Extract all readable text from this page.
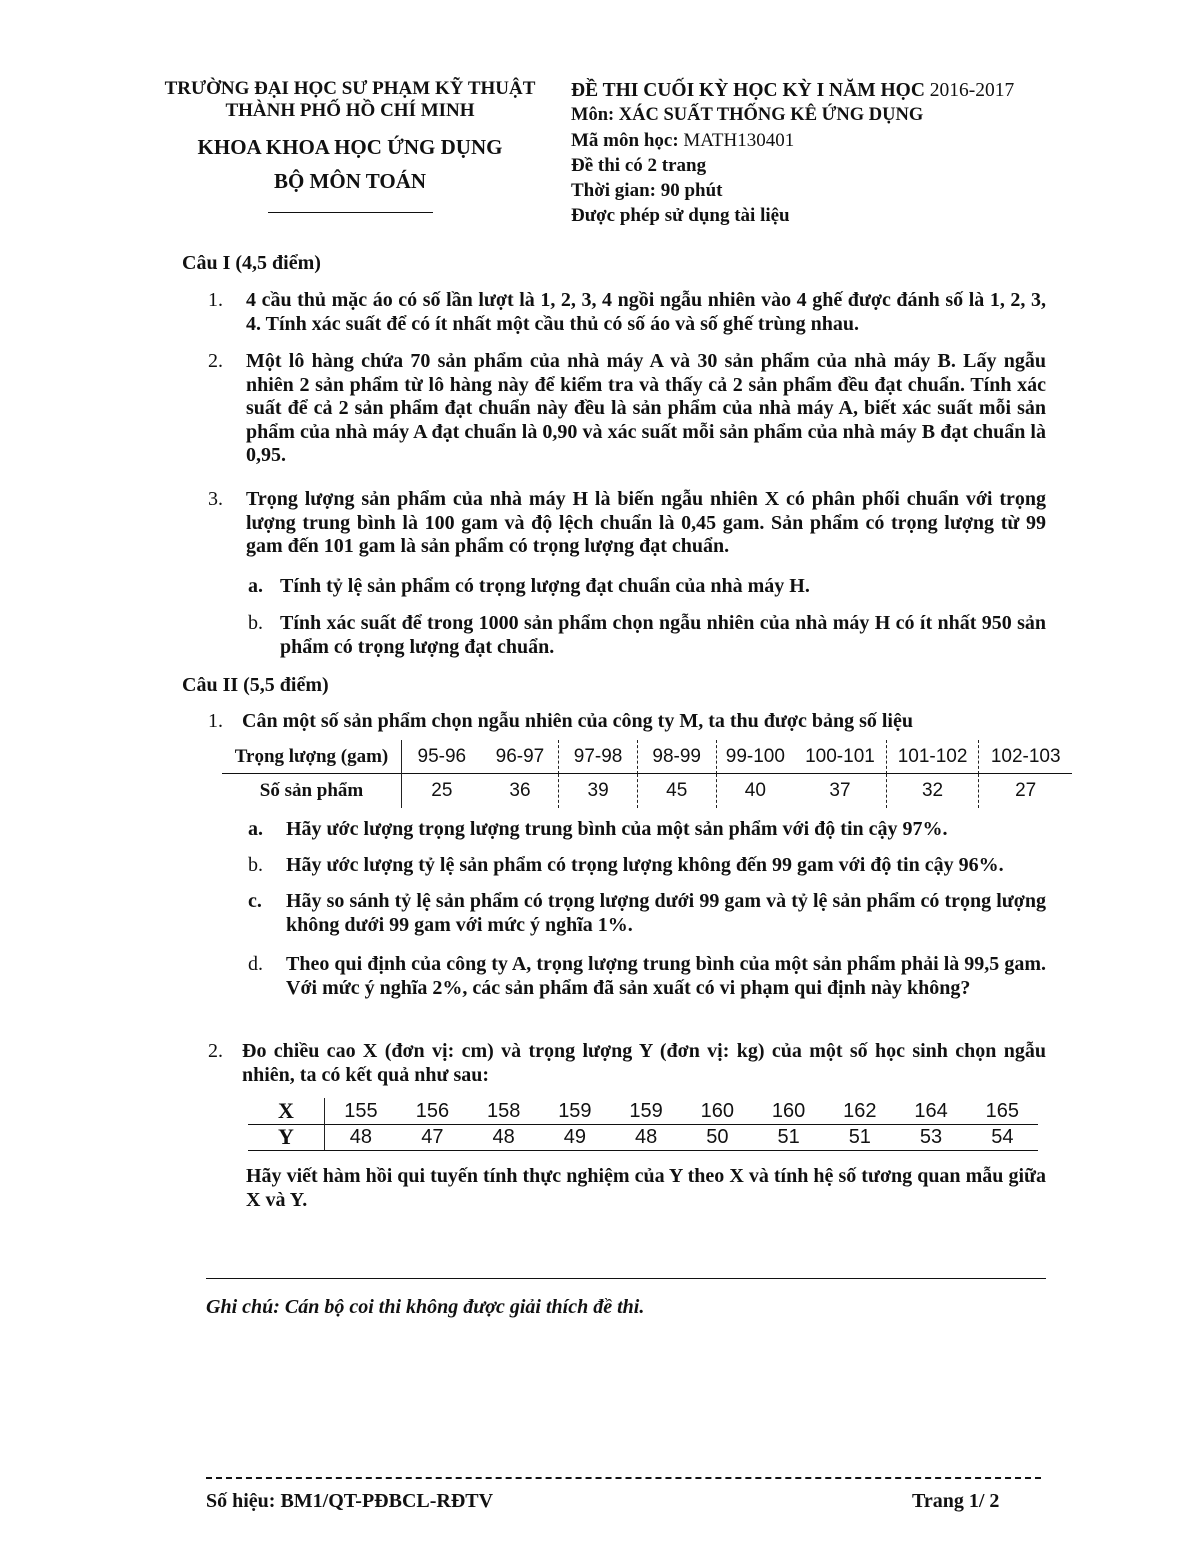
TRƯỜNG ĐẠI HỌC SƯ PHẠM KỸ THUẬT
THÀNH PHỐ HỒ CHÍ MINH
KHOA KHOA HỌC ỨNG DỤNG
BỘ MÔN TOÁN
ĐỀ THI CUỐI KỲ HỌC KỲ I NĂM HỌC 2016-2017
Môn: XÁC SUẤT THỐNG KÊ ỨNG DỤNG
Mã môn học: MATH130401
Đề thi có 2 trang
Thời gian: 90 phút
Được phép sử dụng tài liệu
Câu I (4,5 điểm)
1. 4 cầu thủ mặc áo có số lần lượt là 1, 2, 3, 4 ngồi ngẫu nhiên vào 4 ghế được đánh số là 1, 2, 3, 4. Tính xác suất để có ít nhất một cầu thủ có số áo và số ghế trùng nhau.
2. Một lô hàng chứa 70 sản phẩm của nhà máy A và 30 sản phẩm của nhà máy B. Lấy ngẫu nhiên 2 sản phẩm từ lô hàng này để kiểm tra và thấy cả 2 sản phẩm đều đạt chuẩn. Tính xác suất để cả 2 sản phẩm đạt chuẩn này đều là sản phẩm của nhà máy A, biết xác suất mỗi sản phẩm của nhà máy A đạt chuẩn là 0,90 và xác suất mỗi sản phẩm của nhà máy B đạt chuẩn là 0,95.
3. Trọng lượng sản phẩm của nhà máy H là biến ngẫu nhiên X có phân phối chuẩn với trọng lượng trung bình là 100 gam và độ lệch chuẩn là 0,45 gam. Sản phẩm có trọng lượng từ 99 gam đến 101 gam là sản phẩm có trọng lượng đạt chuẩn.
a. Tính tỷ lệ sản phẩm có trọng lượng đạt chuẩn của nhà máy H.
b. Tính xác suất để trong 1000 sản phẩm chọn ngẫu nhiên của nhà máy H có ít nhất 950 sản phẩm có trọng lượng đạt chuẩn.
Câu II (5,5 điểm)
1. Cân một số sản phẩm chọn ngẫu nhiên của công ty M, ta thu được bảng số liệu
Trọng lượng (gam)	95-96	96-97	97-98	98-99	99-100	100-101	101-102	102-103
Số sản phẩm	25	36	39	45	40	37	32	27
a. Hãy ước lượng trọng lượng trung bình của một sản phẩm với độ tin cậy 97%.
b. Hãy ước lượng tỷ lệ sản phẩm có trọng lượng không đến 99 gam với độ tin cậy 96%.
c. Hãy so sánh tỷ lệ sản phẩm có trọng lượng dưới 99 gam và tỷ lệ sản phẩm có trọng lượng không dưới 99 gam với mức ý nghĩa 1%.
d. Theo qui định của công ty A, trọng lượng trung bình của một sản phẩm phải là 99,5 gam. Với mức ý nghĩa 2%, các sản phẩm đã sản xuất có vi phạm qui định này không?
2. Đo chiều cao X (đơn vị: cm) và trọng lượng Y (đơn vị: kg) của một số học sinh chọn ngẫu nhiên, ta có kết quả như sau:
X	155	156	158	159	159	160	160	162	164	165
Y	48	47	48	49	48	50	51	51	53	54
Hãy viết hàm hồi qui tuyến tính thực nghiệm của Y theo X và tính hệ số tương quan mẫu giữa X và Y.
Ghi chú: Cán bộ coi thi không được giải thích đề thi.
Số hiệu: BM1/QT-PĐBCL-RĐTV	Trang 1/ 2
